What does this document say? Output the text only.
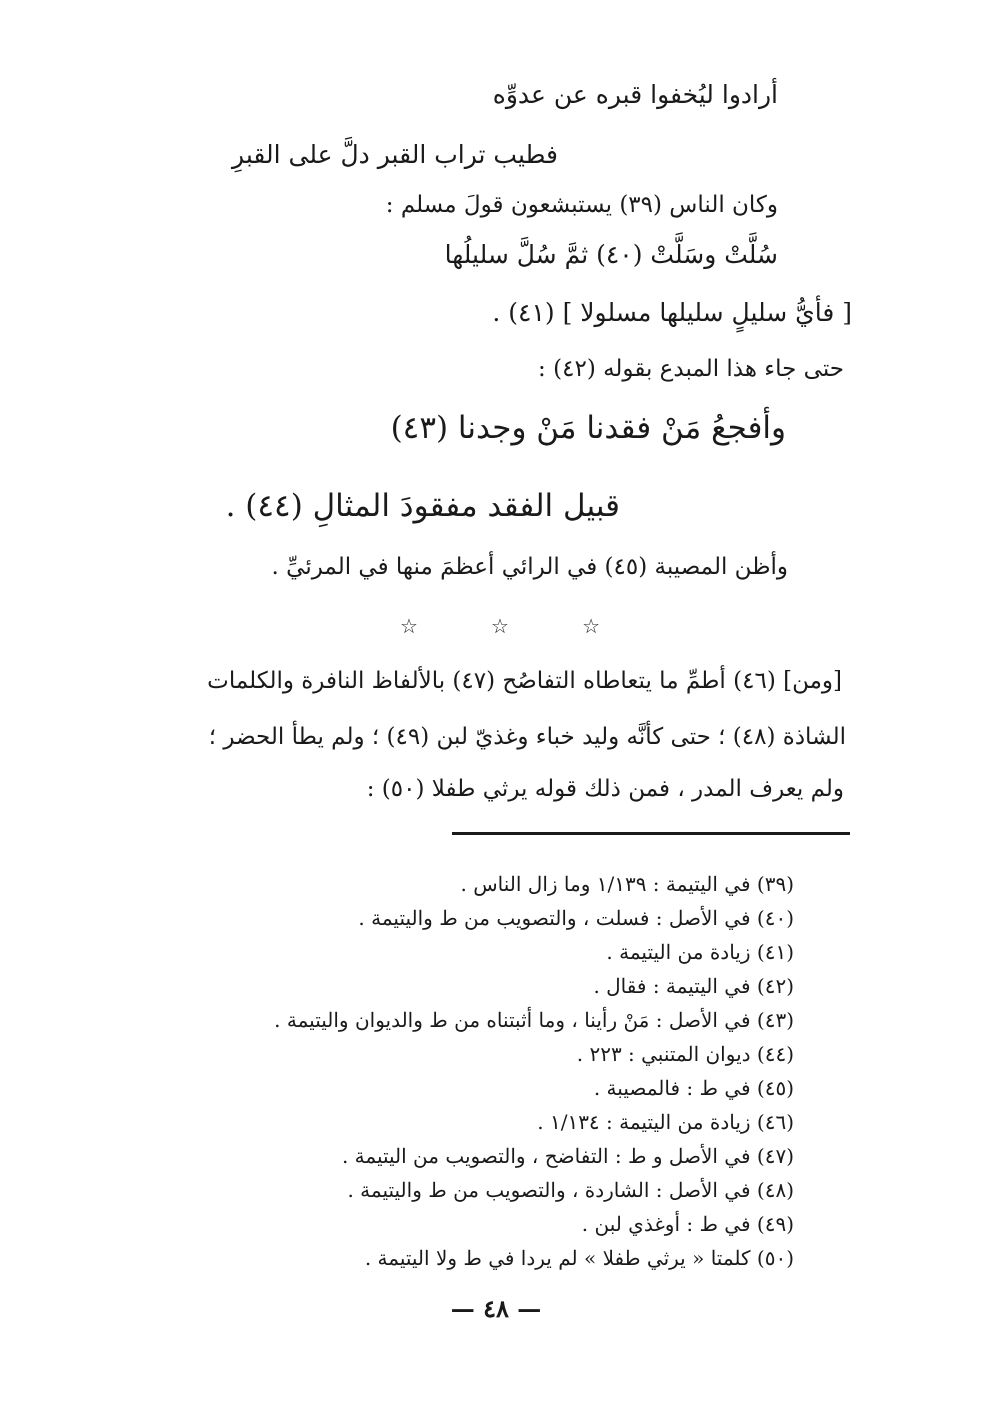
أرادوا ليُخفوا قبره عن عدوِّه
فطيب تراب القبر دلَّ على القبرِ
وكان الناس (٣٩) يستبشعون قولَ مسلم :
سُلَّتْ وسَلَّتْ (٤٠) ثمَّ سُلَّ سليلُها
[ فأيُّ سليلٍ سليلها مسلولا ] (٤١) .
حتى جاء هذا المبدع بقوله (٤٢) :
وأفجعُ مَنْ فقدنا مَنْ وجدنا (٤٣)
قبيل الفقد مفقودَ المثالِ (٤٤) .
وأظن المصيبة (٤٥) في الرائي أعظمَ منها في المرئيِّ .
☆	☆	☆
[ومن] (٤٦) أطمِّ ما يتعاطاه التفاصُح (٤٧) بالألفاظ النافرة والكلمات
الشاذة (٤٨) ؛ حتى كأنَّه وليد خباء وغذيّ لبن (٤٩) ؛ ولم يطأ الحضر ؛
ولم يعرف المدر ، فمن ذلك قوله يرثي طفلا (٥٠) :
(٣٩) في اليتيمة : ١/١٣٩ وما زال الناس .
(٤٠) في الأصل : فسلت ، والتصويب من ط واليتيمة .
(٤١) زيادة من اليتيمة .
(٤٢) في اليتيمة : فقال .
(٤٣) في الأصل : مَنْ رأينا ، وما أثبتناه من ط والديوان واليتيمة .
(٤٤) ديوان المتنبي : ٢٢٣ .
(٤٥) في ط : فالمصيبة .
(٤٦) زيادة من اليتيمة : ١/١٣٤ .
(٤٧) في الأصل و ط : التفاضح ، والتصويب من اليتيمة .
(٤٨) في الأصل : الشاردة ، والتصويب من ط واليتيمة .
(٤٩) في ط : أوغذي لبن .
(٥٠) كلمتا « يرثي طفلا » لم يردا في ط ولا اليتيمة .
— ٤٨ —
